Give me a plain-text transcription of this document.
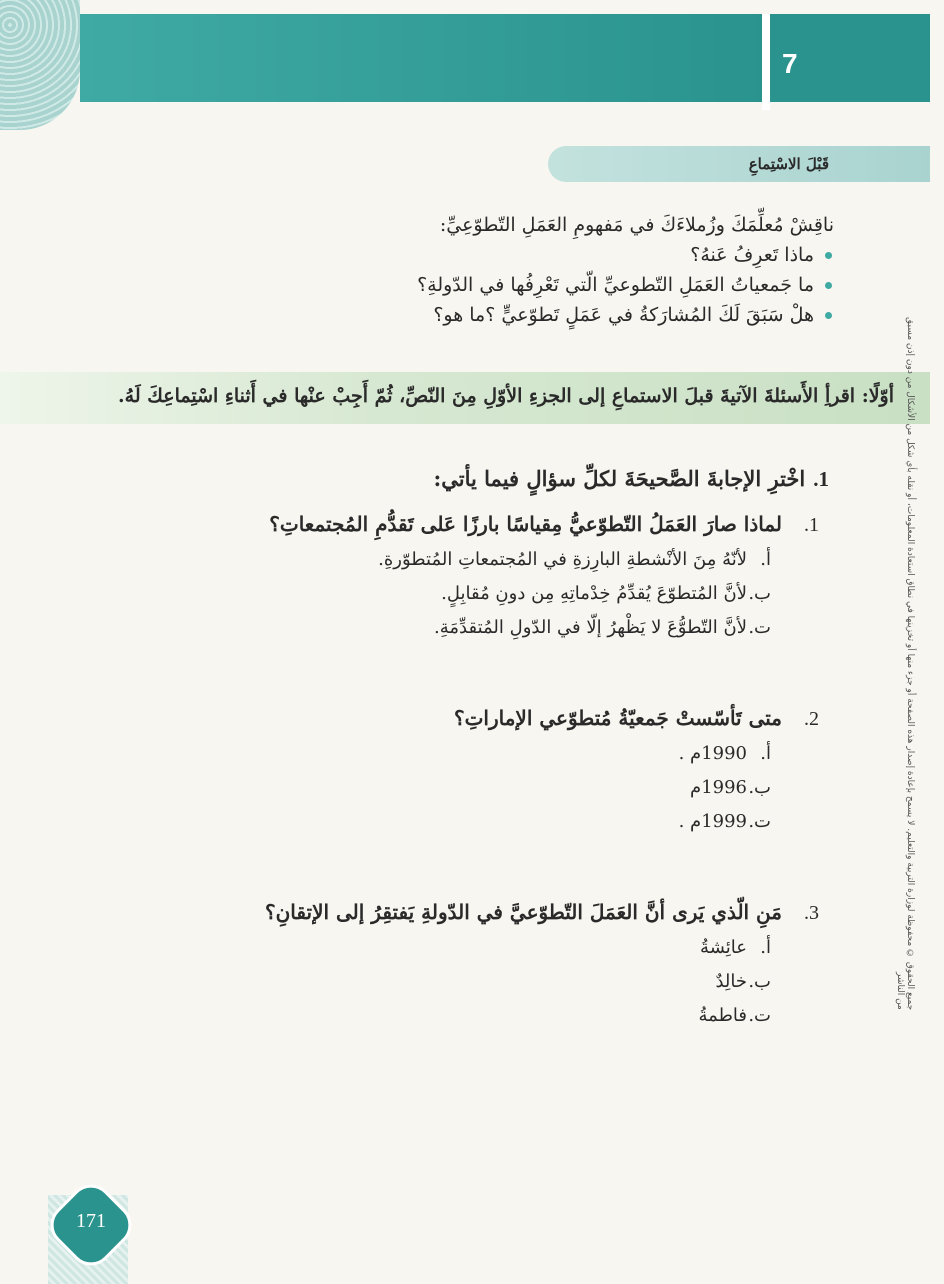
7
قَبْلَ الاسْتِماعِ
ناقِشْ مُعلِّمَكَ وزُملاءَكَ في مَفهومِ العَمَلِ التّطوّعِيِّ:
ماذا تَعرِفُ عَنهُ؟
ما جَمعياتُ العَمَلِ التّطوعيِّ الّتي تَعْرِفُها في الدّولةِ؟
هلْ سَبَقَ لَكَ المُشارَكةُ في عَمَلٍ تَطوّعيٍّ ؟ما هو؟
أوّلًا: اقرأِ الأَسئلةَ الآتيةَ قبلَ الاستماعِ إلى الجزءِ الأوّلِ مِنَ النّصِّ، ثُمّ أَجِبْ عنْها في أَثناءِ اسْتِماعِكَ لَهُ.
1.اخْترِ الإجابةَ الصَّحيحَةَ لكلِّ سؤالٍ فيما يأتي:
1.لماذا صارَ العَمَلُ التّطوّعيُّ مِقياسًا بارزًا عَلى تَقدُّمِ المُجتمعاتِ؟
أ.لأنّهُ مِنَ الأنْشطةِ البارِزةِ في المُجتمعاتِ المُتطوّرةِ.
ب.لأنَّ المُتطوّعَ يُقدِّمُ خِدْماتِهِ مِن دونِ مُقابِلٍ.
ت.لأنَّ التّطوُّعَ لا يَظْهرُ إلّا في الدّولِ المُتقدِّمَةِ.
2.متى تَأسّستْ جَمعيّةُ مُتطوّعي الإماراتِ؟
أ.1990م .
ب.1996م
ت.1999م .
3.مَنِ الّذي يَرى أنَّ العَمَلَ التّطوّعيَّ في الدّولةِ يَفتقِرُ إلى الإتقانِ؟
أ.عائِشةُ
ب.خالِدٌ
ت.فاطمةُ
جميع الحقوق © محفوظة لوزارة التربية والتعليم. لا يسمح بإعادة إصدار هذه الصفحة أو جزء منها أو تخزينها في نطاق استعادة المعلومات، أو نقله بأي شكل من الأشكال من دون إذن مسبق من الناشر
171
